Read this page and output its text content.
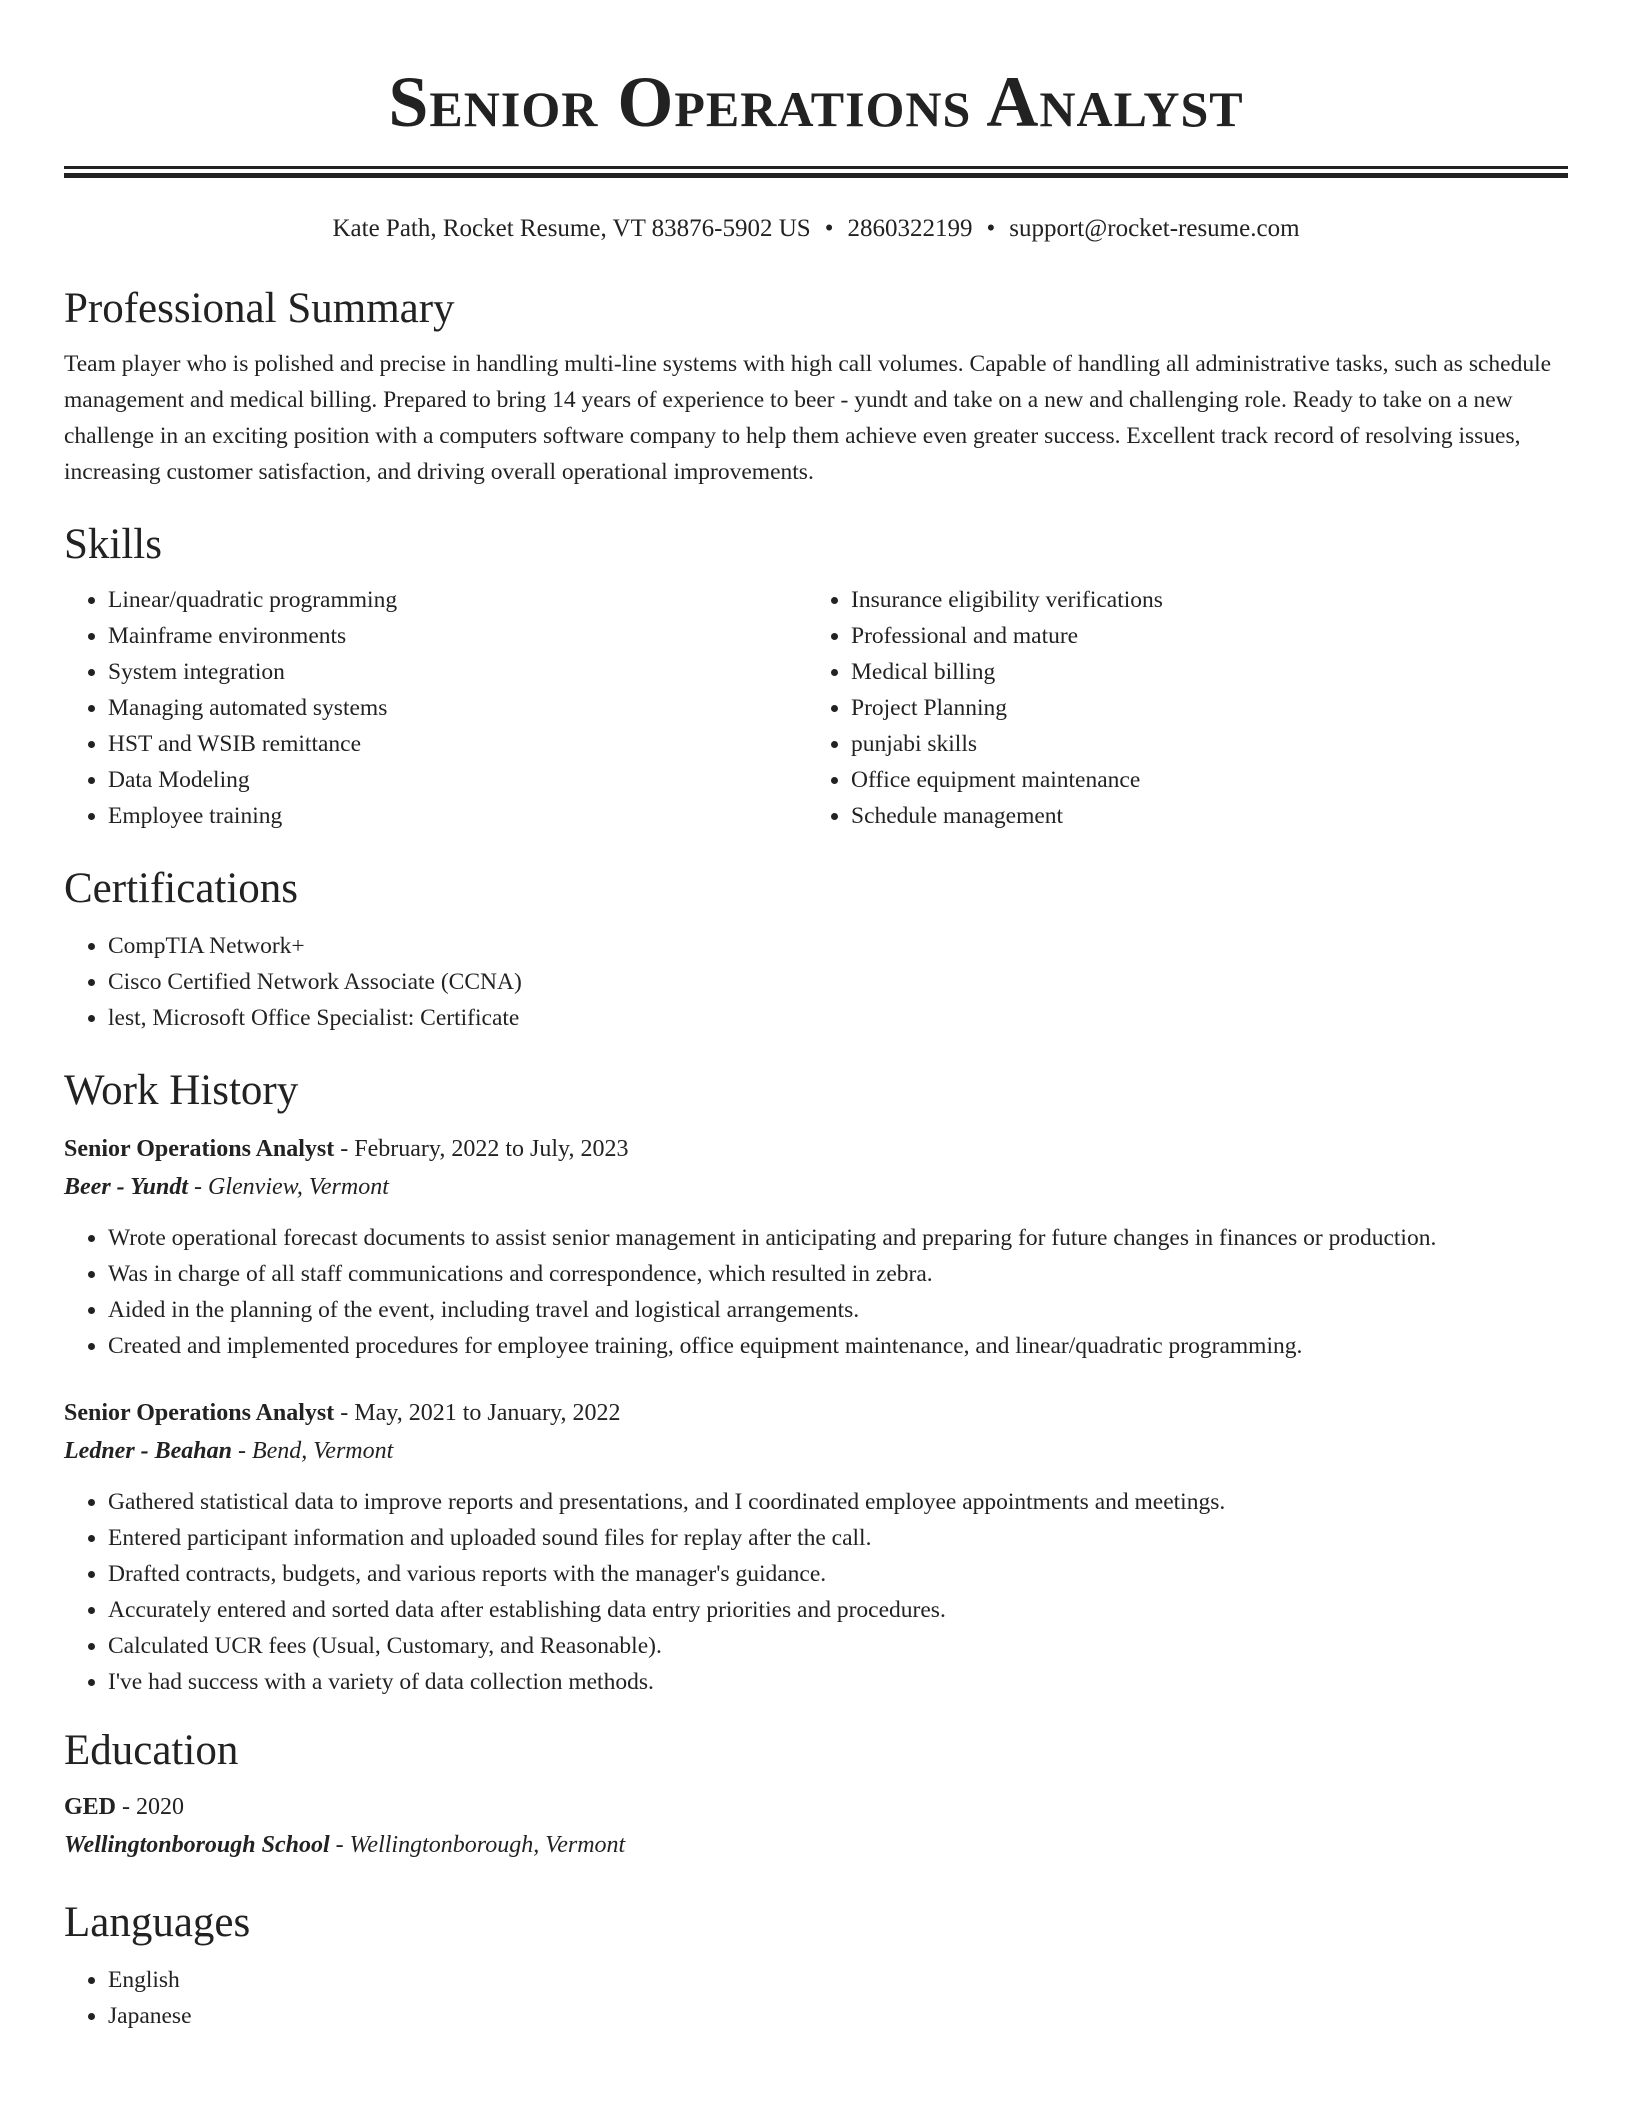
Senior Operations Analyst
Kate Path, Rocket Resume, VT 83876-5902 US • 2860322199 • support@rocket-resume.com
Professional Summary

Team player who is polished and precise in handling multi-line systems with high call volumes. Capable of handling all administrative tasks, such as schedule management and medical billing. Prepared to bring 14 years of experience to beer - yundt and take on a new and challenging role. Ready to take on a new challenge in an exciting position with a computers software company to help them achieve even greater success. Excellent track record of resolving issues, increasing customer satisfaction, and driving overall operational improvements.

Skills
• Linear/quadratic programming
• Mainframe environments
• System integration
• Managing automated systems
• HST and WSIB remittance
• Data Modeling
• Employee training
• Insurance eligibility verifications
• Professional and mature
• Medical billing
• Project Planning
• punjabi skills
• Office equipment maintenance
• Schedule management
Certifications
• CompTIA Network+
• Cisco Certified Network Associate (CCNA)
• lest, Microsoft Office Specialist: Certificate
Work History
Senior Operations Analyst - February, 2022 to July, 2023
Beer - Yundt - Glenview, Vermont
• Wrote operational forecast documents to assist senior management in anticipating and preparing for future changes in finances or production.
• Was in charge of all staff communications and correspondence, which resulted in zebra.
• Aided in the planning of the event, including travel and logistical arrangements.
• Created and implemented procedures for employee training, office equipment maintenance, and linear/quadratic programming.
Senior Operations Analyst - May, 2021 to January, 2022
Ledner - Beahan - Bend, Vermont
• Gathered statistical data to improve reports and presentations, and I coordinated employee appointments and meetings.
• Entered participant information and uploaded sound files for replay after the call.
• Drafted contracts, budgets, and various reports with the manager's guidance.
• Accurately entered and sorted data after establishing data entry priorities and procedures.
• Calculated UCR fees (Usual, Customary, and Reasonable).
• I've had success with a variety of data collection methods.
Education
GED - 2020
Wellingtonborough School - Wellingtonborough, Vermont
Languages
• English
• Japanese
